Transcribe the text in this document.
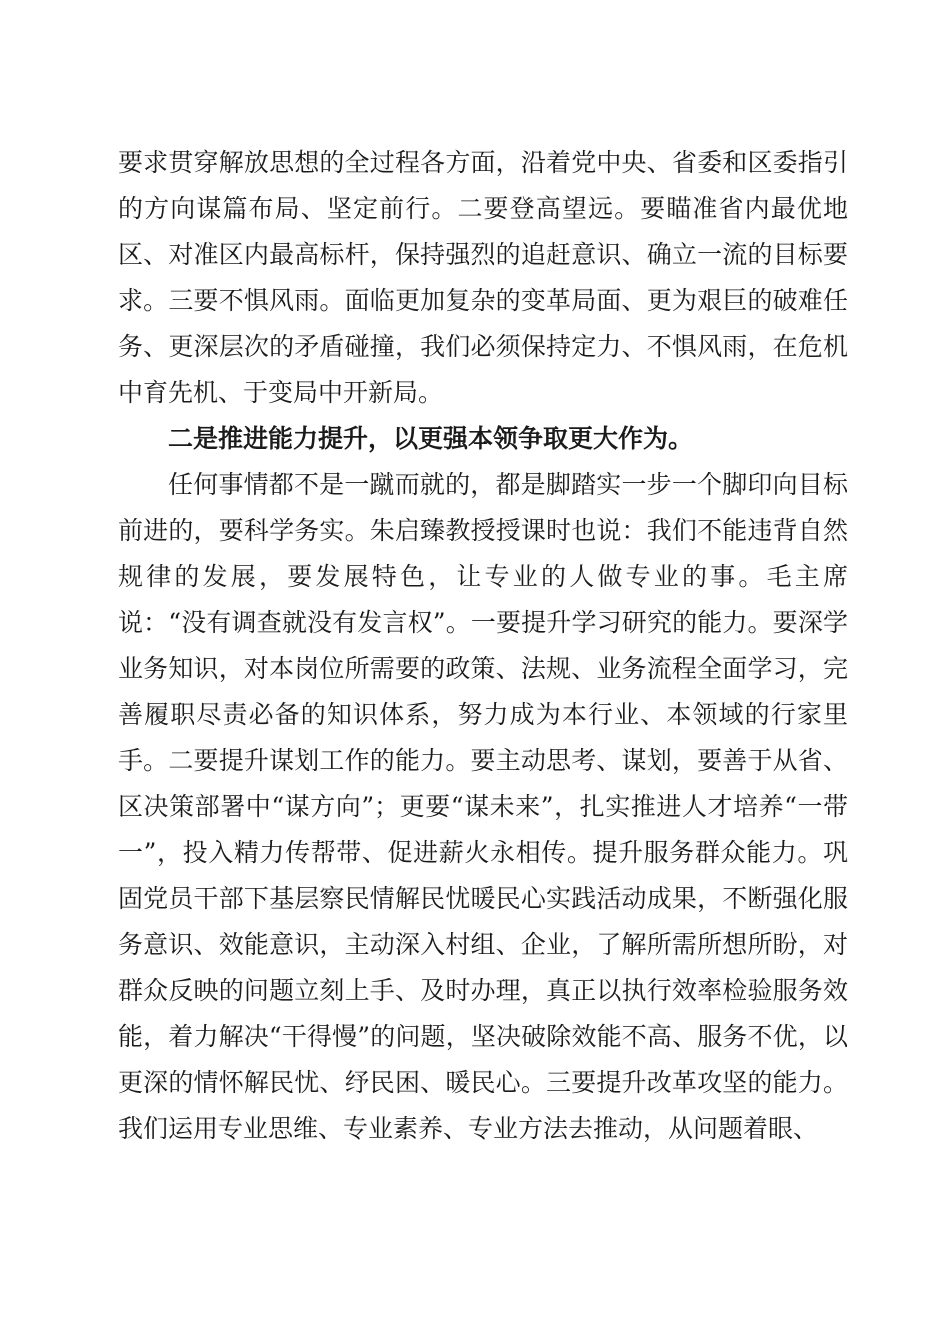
要求贯穿解放思想的全过程各方面，沿着党中央、省委和区委指引的方向谋篇布局、坚定前行。二要登高望远。要瞄准省内最优地区、对准区内最高标杆，保持强烈的追赶意识、确立一流的目标要求。三要不惧风雨。面临更加复杂的变革局面、更为艰巨的破难任务、更深层次的矛盾碰撞，我们必须保持定力、不惧风雨，在危机中育先机、于变局中开新局。

二是推进能力提升，以更强本领争取更大作为。

任何事情都不是一蹴而就的，都是脚踏实一步一个脚印向目标前进的，要科学务实。朱启臻教授授课时也说：我们不能违背自然规律的发展，要发展特色，让专业的人做专业的事。毛主席说：“没有调查就没有发言权”。一要提升学习研究的能力。要深学业务知识，对本岗位所需要的政策、法规、业务流程全面学习，完善履职尽责必备的知识体系，努力成为本行业、本领域的行家里手。二要提升谋划工作的能力。要主动思考、谋划，要善于从省、区决策部署中“谋方向”；更要“谋未来”，扎实推进人才培养“一带一”，投入精力传帮带、促进薪火永相传。提升服务群众能力。巩固党员干部下基层察民情解民忧暖民心实践活动成果，不断强化服务意识、效能意识，主动深入村组、企业，了解所需所想所盼，对群众反映的问题立刻上手、及时办理，真正以执行效率检验服务效能，着力解决“干得慢”的问题，坚决破除效能不高、服务不优，以更深的情怀解民忧、纾民困、暖民心。三要提升改革攻坚的能力。我们运用专业思维、专业素养、专业方法去推动，从问题着眼、
